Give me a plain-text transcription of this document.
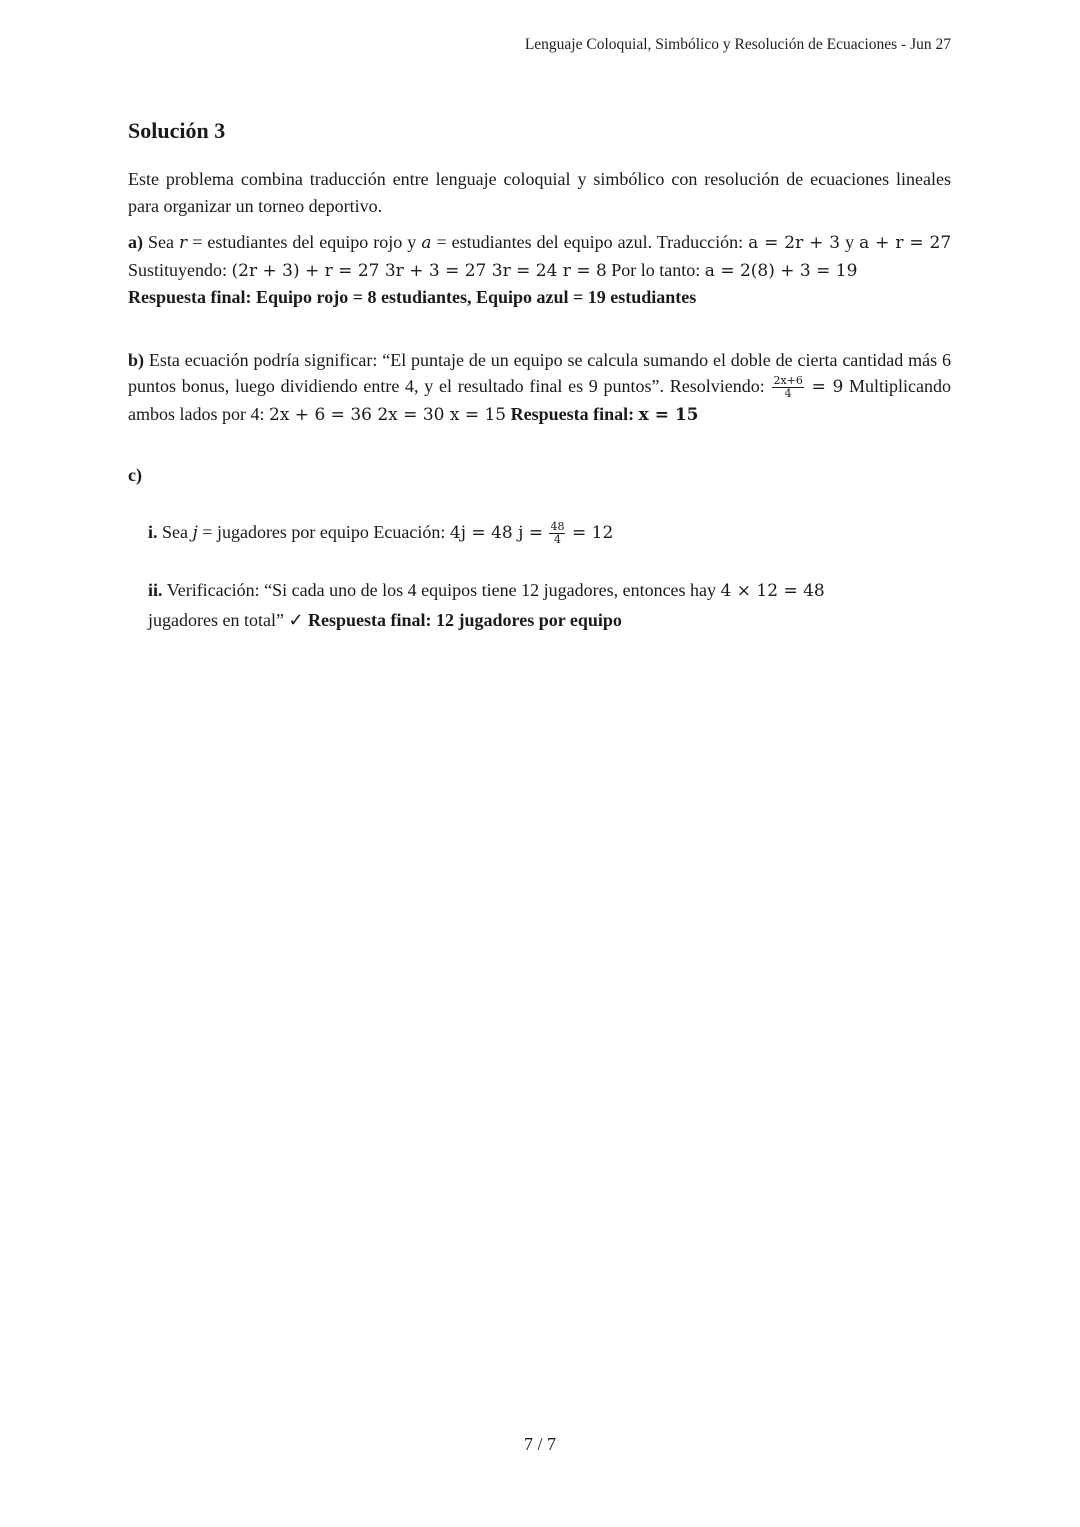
Lenguaje Coloquial, Simbólico y Resolución de Ecuaciones - Jun 27
Solución 3

Este problema combina traducción entre lenguaje coloquial y simbólico con resolución de ecuaciones lineales para organizar un torneo deportivo.

a) Sea r = estudiantes del equipo rojo y a = estudiantes del equipo azul. Traducción: a = 2r + 3 y a + r = 27 Sustituyendo: (2r + 3) + r = 27 3r + 3 = 27 3r = 24 r = 8 Por lo tanto: a = 2(8) + 3 = 19
Respuesta final: Equipo rojo = 8 estudiantes, Equipo azul = 19 estudiantes

b) Esta ecuación podría significar: “El puntaje de un equipo se calcula sumando el doble de cierta cantidad más 6 puntos bonus, luego dividiendo entre 4, y el resultado final es 9 puntos”. Resolviendo: $\frac{2x+6}{4} = 9$ Multiplicando ambos lados por 4: 2x + 6 = 36 2x = 30 x = 15 Respuesta final: x = 15

c)

i. Sea j = jugadores por equipo Ecuación: 4j = 48 $j = \frac{48}{4} = 12$

ii. Verificación: “Si cada uno de los 4 equipos tiene 12 jugadores, entonces hay 4 × 12 = 48
jugadores en total” ✓ Respuesta final: 12 jugadores por equipo

7 / 7
